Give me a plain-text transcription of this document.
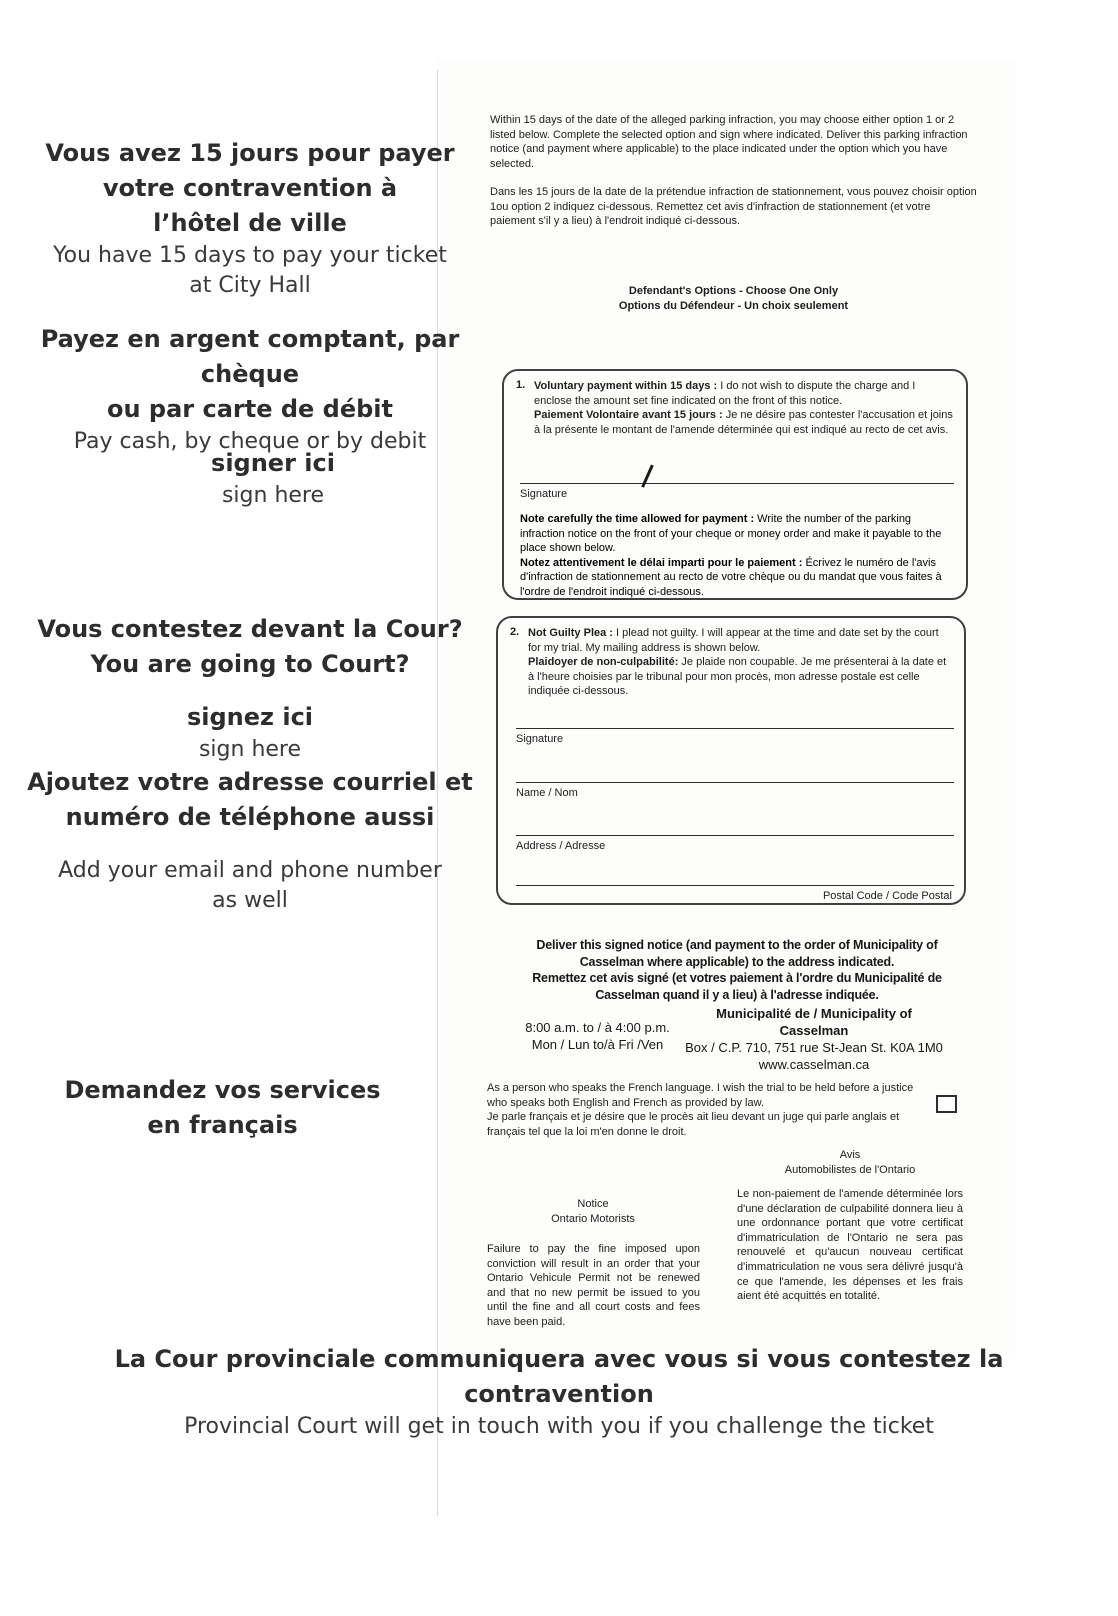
Vous avez 15 jours pour payer
votre contravention à
l’hôtel de ville
You have 15 days to pay your ticket
at City Hall
Payez en argent comptant, par chèque
ou par carte de débit
Pay cash, by cheque or by debit
signer ici
sign here
Vous contestez devant la Cour?
You are going to Court?
signez ici
sign here
Ajoutez votre adresse courriel et
numéro de téléphone aussi
Add your email and phone number
as well
Demandez vos services
en français
La Cour provinciale communiquera avec vous si vous contestez la
contravention
Provincial Court will get in touch with you if you challenge the ticket
Within 15 days of the date of the alleged parking infraction, you may choose either option 1 or 2 listed below. Complete the selected option and sign where indicated. Deliver this parking infraction notice (and payment where applicable) to the place indicated under the option which you have selected.
Dans les 15 jours de la date de la prétendue infraction de stationnement, vous pouvez choisir option 1ou option 2 indiquez ci-dessous. Remettez cet avis d'infraction de stationnement (et votre paiement s'il y a lieu) à l'endroit indiqué ci-dessous.
Defendant's Options - Choose One Only
Options du Défendeur - Un choix seulement
1. Voluntary payment within 15 days : I do not wish to dispute the charge and I enclose the amount set fine indicated on the front of this notice.

Paiement Volontaire avant 15 jours : Je ne désire pas contester l'accusation et joins à la présente le montant de l'amende déterminée qui est indiqué au recto de cet avis.

Signature

Note carefully the time allowed for payment : Write the number of the parking infraction notice on the front of your cheque or money order and make it payable to the place shown below.

Notez attentivement le délai imparti pour le paiement : Écrivez le numéro de l'avis d'infraction de stationnement au recto de votre chèque ou du mandat que vous faites à l'ordre de l'endroit indiqué ci-dessous.

2. Not Guilty Plea : I plead not guilty. I will appear at the time and date set by the court for my trial. My mailing address is shown below.

Plaidoyer de non-culpabilité: Je plaide non coupable. Je me présenterai à la date et à l'heure choisies par le tribunal pour mon procès, mon adresse postale est celle indiquée ci-dessous.

Signature
Name / Nom
Address / Adresse
Postal Code / Code Postal
Deliver this signed notice (and payment to the order of Municipality of Casselman where applicable) to the address indicated.
Remettez cet avis signé (et votres paiement à l'ordre du Municipalité de Casselman quand il y a lieu) à l'adresse indiquée.
8:00 a.m. to / à 4:00 p.m.
Mon / Lun to/à Fri /Ven
Municipalité de / Municipality of
Casselman
Box / C.P. 710, 751 rue St-Jean St. K0A 1M0
www.casselman.ca
As a person who speaks the French language. I wish the trial to be held before a justice who speaks both English and French as provided by law.
Je parle français et je désire que le procès ait lieu devant un juge qui parle anglais et français tel que la loi m'en donne le droit.
Avis
Automobilistes de l'Ontario
Notice
Ontario Motorists
Failure to pay the fine imposed upon conviction will result in an order that your Ontario Vehicule Permit not be renewed and that no new permit be issued to you until the fine and all court costs and fees have been paid.
Le non-paiement de l'amende déterminée lors d'une déclaration de culpabilité donnera lieu à une ordonnance portant que votre certificat d'immatriculation de l'Ontario ne sera pas renouvelé et qu'aucun nouveau certificat d'immatriculation ne vous sera délivré jusqu'à ce que l'amende, les dépenses et les frais aient été acquittés en totalité.
